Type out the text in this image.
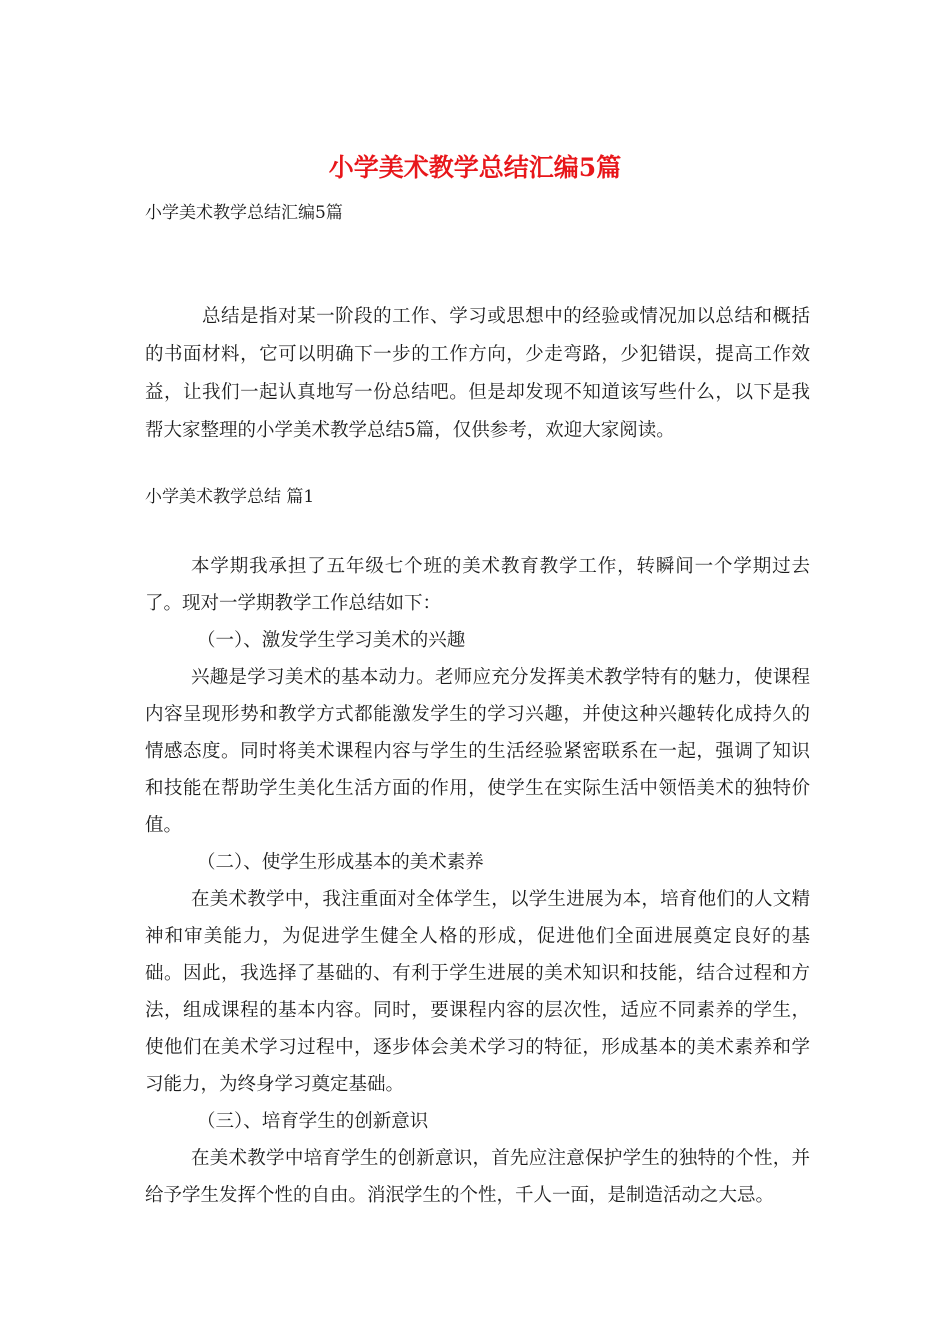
小学美术教学总结汇编5篇
小学美术教学总结汇编5篇

总结是指对某一阶段的工作、学习或思想中的经验或情况加以总结和概括的书面材料，它可以明确下一步的工作方向，少走弯路，少犯错误，提高工作效益，让我们一起认真地写一份总结吧。但是却发现不知道该写些什么，以下是我帮大家整理的小学美术教学总结5篇，仅供参考，欢迎大家阅读。

小学美术教学总结 篇1

本学期我承担了五年级七个班的美术教育教学工作，转瞬间一个学期过去了。现对一学期教学工作总结如下：

（一）、激发学生学习美术的兴趣

兴趣是学习美术的基本动力。老师应充分发挥美术教学特有的魅力，使课程内容呈现形势和教学方式都能激发学生的学习兴趣，并使这种兴趣转化成持久的情感态度。同时将美术课程内容与学生的生活经验紧密联系在一起，强调了知识和技能在帮助学生美化生活方面的作用，使学生在实际生活中领悟美术的独特价值。

（二）、使学生形成基本的美术素养

在美术教学中，我注重面对全体学生，以学生进展为本，培育他们的人文精神和审美能力，为促进学生健全人格的形成，促进他们全面进展奠定良好的基础。因此，我选择了基础的、有利于学生进展的美术知识和技能，结合过程和方法，组成课程的基本内容。同时，要课程内容的层次性，适应不同素养的学生，使他们在美术学习过程中，逐步体会美术学习的特征，形成基本的美术素养和学习能力，为终身学习奠定基础。

（三）、培育学生的创新意识

在美术教学中培育学生的创新意识，首先应注意保护学生的独特的个性，并给予学生发挥个性的自由。消泯学生的个性，千人一面，是制造活动之大忌。
